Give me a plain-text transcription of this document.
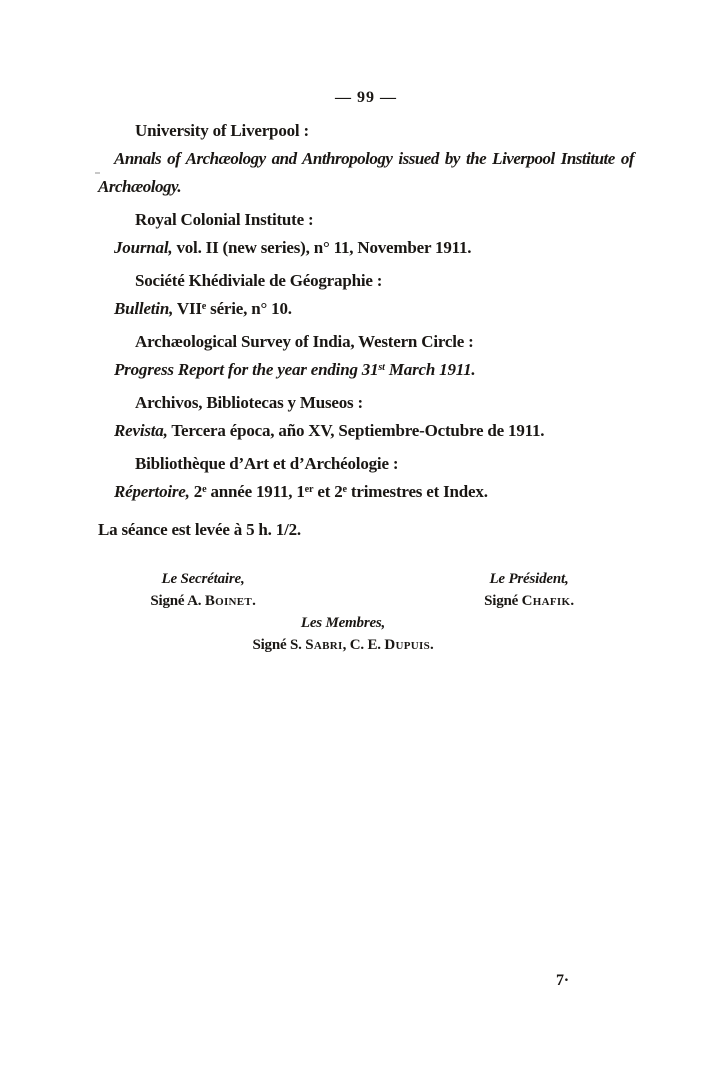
— 99 —
University of Liverpool :
Annals of Archæology and Anthropology issued by the Liverpool Institute of Archæology.
Royal Colonial Institute :
Journal, vol. II (new series), n° 11, November 1911.
Société Khédiviale de Géographie :
Bulletin, VIIe série, n° 10.
Archæological Survey of India, Western Circle :
Progress Report for the year ending 31st March 1911.
Archivos, Bibliotecas y Museos :
Revista, Tercera época, año XV, Septiembre-Octubre de 1911.
Bibliothèque d’Art et d’Archéologie :
Répertoire, 2e année 1911, 1er et 2e trimestres et Index.
La séance est levée à 5 h. 1/2.
Le Secrétaire,
Signé A. Boinet.
Le Président,
Signé Chafik.
Les Membres,
Signé S. Sabri, C. E. Dupuis.
7·
